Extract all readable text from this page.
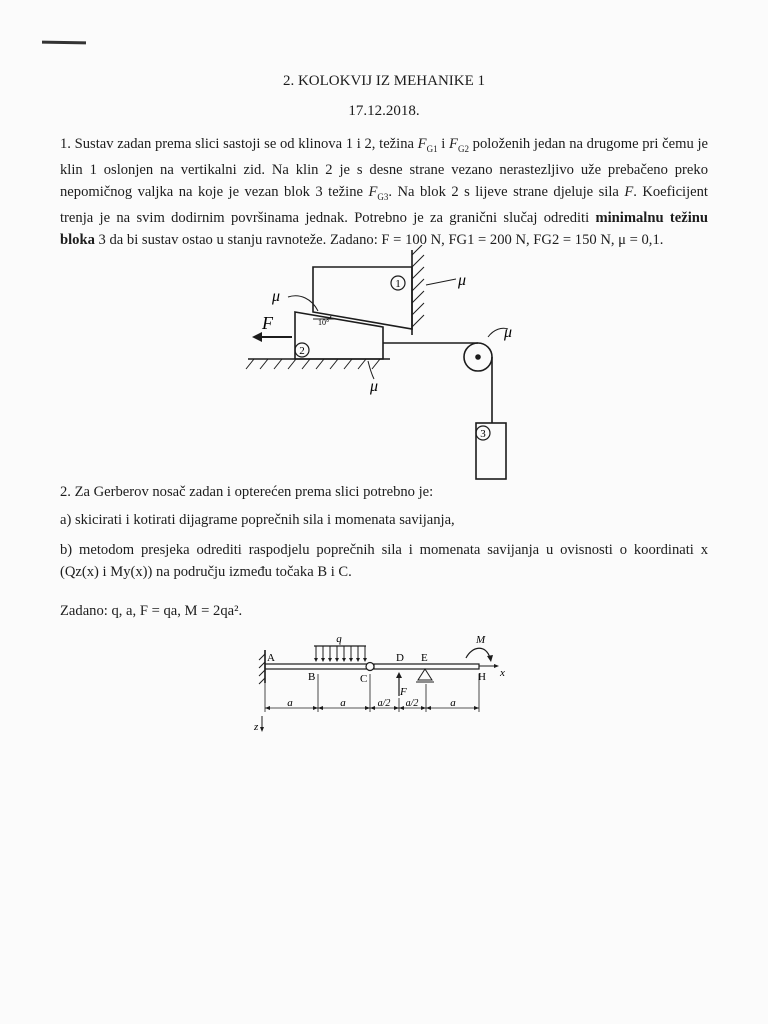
2. KOLOKVIJ IZ MEHANIKE 1
17.12.2018.
1. Sustav zadan prema slici sastoji se od klinova 1 i 2, težina $F_{G1}$ i $F_{G2}$ položenih jedan na drugome pri čemu je klin 1 oslonjen na vertikalni zid. Na klin 2 je s desne strane vezano nerastezljivo uže prebačeno preko nepomičnog valjka na koje je vezan blok 3 težine $F_{G3}$. Na blok 2 s lijeve strane djeluje sila F. Koeficijent trenja je na svim dodirnim površinama jednak. Potrebno je za granični slučaj odrediti minimalnu težinu bloka 3 da bi sustav ostao u stanju ravnoteže. Zadano: F = 100 N, FG1 = 200 N, FG2 = 150 N, μ = 0,1.
1
2
3
F	10°
μ
μ
μ
μ
2. Za Gerberov nosač zadan i opterećen prema slici potrebno je:
a) skicirati i kotirati dijagrame poprečnih sila i momenata savijanja,
b) metodom presjeka odrediti raspodjelu poprečnih sila i momenata savijanja u ovisnosti o koordinati x
(Qz(x) i My(x)) na području između točaka B i C.
Zadano: q, a, F = qa, M = 2qa².
q	M
F
A
B	C
D E
H x
z
a	a	a/2 a/2	a
